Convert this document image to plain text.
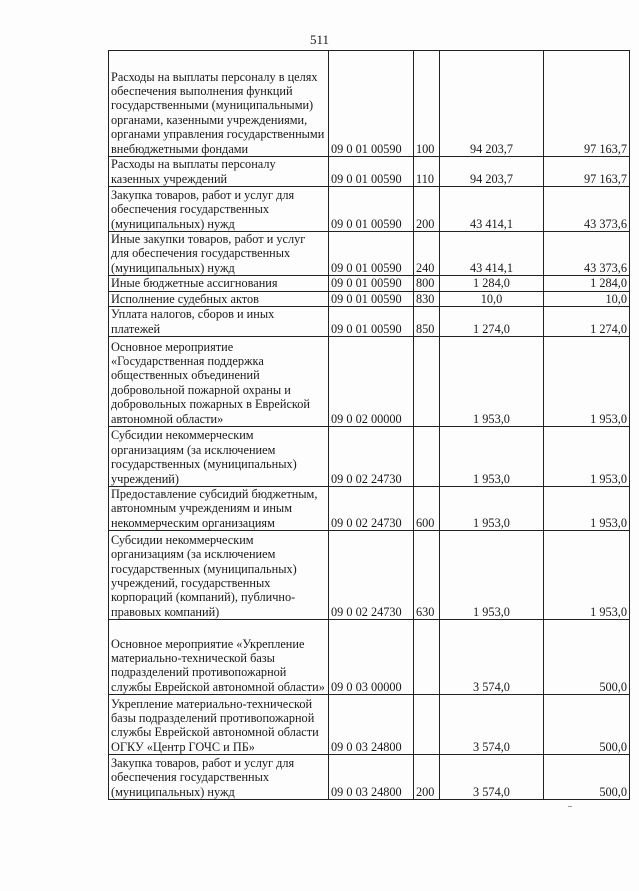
511
Расходы на выплаты персоналу в целях обеспечения выполнения функций государственными (муниципальными) органами, казенными учреждениями, органами управления государственными внебюджетными фондами	09 0 01 00590	100	94 203,7	97 163,7
Расходы на выплаты персоналу казенных учреждений	09 0 01 00590	110	94 203,7	97 163,7
Закупка товаров, работ и услуг для обеспечения государственных (муниципальных) нужд	09 0 01 00590	200	43 414,1	43 373,6
Иные закупки товаров, работ и услуг для обеспечения государственных (муниципальных) нужд	09 0 01 00590	240	43 414,1	43 373,6
Иные бюджетные ассигнования	09 0 01 00590	800	1 284,0	1 284,0
Исполнение судебных актов	09 0 01 00590	830	10,0	10,0
Уплата налогов, сборов и иных платежей	09 0 01 00590	850	1 274,0	1 274,0
Основное мероприятие «Государственная поддержка общественных объединений добровольной пожарной охраны и добровольных пожарных в Еврейской автономной области»	09 0 02 00000		1 953,0	1 953,0
Субсидии некоммерческим организациям (за исключением государственных (муниципальных) учреждений)	09 0 02 24730		1 953,0	1 953,0
Предоставление субсидий бюджетным, автономным учреждениям и иным некоммерческим организациям	09 0 02 24730	600	1 953,0	1 953,0
Субсидии некоммерческим организациям (за исключением государственных (муниципальных) учреждений, государственных корпораций (компаний), публично-правовых компаний)	09 0 02 24730	630	1 953,0	1 953,0
Основное мероприятие «Укрепление материально-технической базы подразделений противопожарной службы Еврейской автономной области»	09 0 03 00000		3 574,0	500,0
Укрепление материально-технической базы подразделений противопожарной службы Еврейской автономной области ОГКУ «Центр ГОЧС и ПБ»	09 0 03 24800		3 574,0	500,0
Закупка товаров, работ и услуг для обеспечения государственных (муниципальных) нужд	09 0 03 24800	200	3 574,0	500,0
